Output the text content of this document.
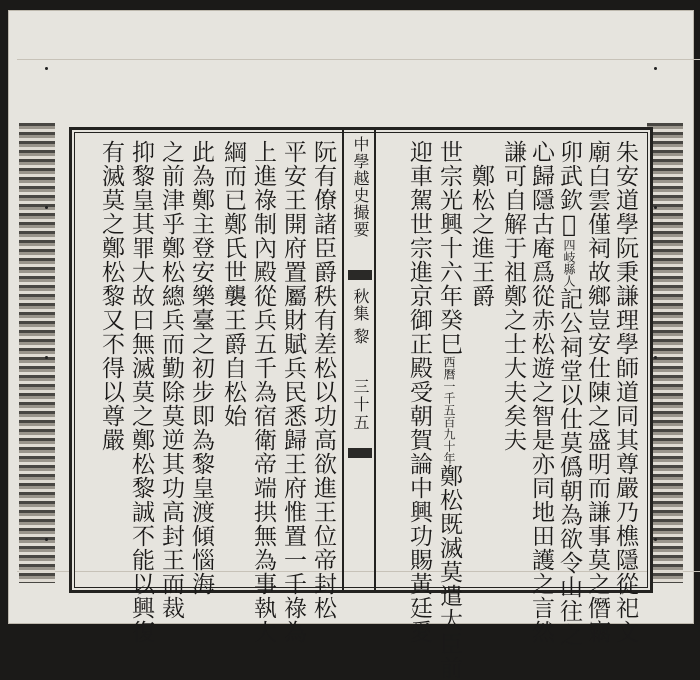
朱安道學阮秉謙理學師道同其尊嚴乃樵隱從祀文
廟白雲僅祠故鄉豈安仕陳之盛明而謙事莫之僭竊
卯武欽𬨠四岐縣人記公祠堂以仕莫僞朝為欲令山往之
心歸隱古庵爲從赤松遊之智是亦同地田護之言然
謙可自解于祖鄭之士大夫矣夫
　鄭松之進王爵
世宗光興十六年癸巳西曆一千五百九十年鄭松既滅莫遣大臣前
迎車駕世宗進京御正殿受朝賀論中興功賜黃廷愛
中學越史撮要
秋集 黎
三十五
阮有僚諸臣爵秩有差松以功高欲進王位帝封松
平安王開府置屬財賦兵民悉歸王府惟置一千祿為
上進祿制內殿從兵五千為宿衛帝端拱無為事執大
綱而已鄭氏世襲王爵自松始
此為鄭主登安樂臺之初步即為黎皇渡傾惱海
之前津乎鄭松總兵而勤除莫逆其功高封王而裁
抑黎皇其罪大故曰無滅莫之鄭松黎誠不能以興復
有滅莫之鄭松黎又不得以尊嚴
